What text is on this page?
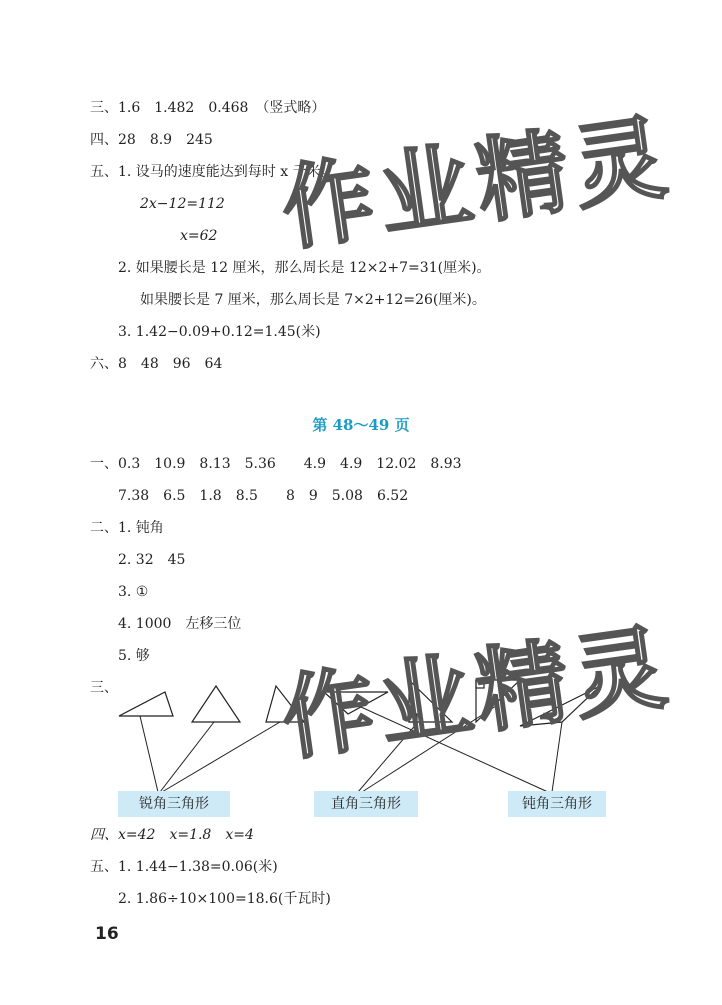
三、1.6　1.482　0.468　（竖式略）
四、28　8.9　245
五、1. 设马的速度能达到每时 x 千米。
2x−12=112
x=62
2. 如果腰长是 12 厘米，那么周长是 12×2+7=31(厘米)。
如果腰长是 7 厘米，那么周长是 7×2+12=26(厘米)。
3. 1.42−0.09+0.12=1.45(米)
六、8　48　96　64
第 48～49 页
一、0.3　10.9　8.13　5.36　　4.9　4.9　12.02　8.93
7.38　6.5　1.8　8.5　　8　9　5.08　6.52
二、1. 钝角
2. 32　45
3. ①
4. 1000　左移三位
5. 够
三、
锐角三角形	直角三角形	钝角三角形
四、x=42　x=1.8　x=4
五、1. 1.44−1.38=0.06(米)
2. 1.86÷10×100=18.6(千瓦时)
16
作业精灵
作业精灵
